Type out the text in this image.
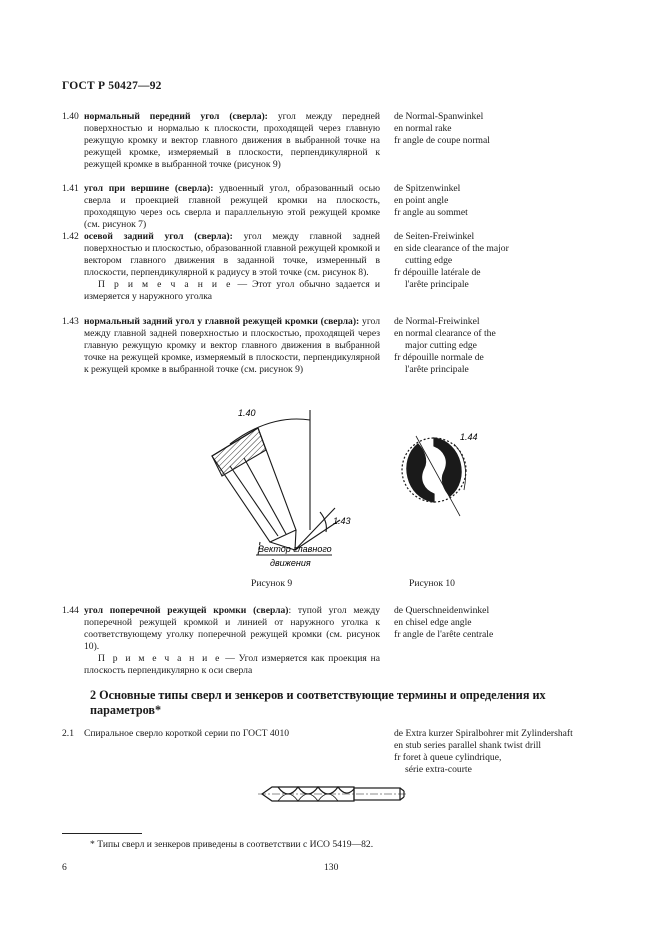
ГОСТ Р 50427—92
1.40 нормальный передний угол (сверла): угол между передней поверхностью и нормалью к плоскости, проходящей через главную режущую кромку и вектор главного движения в выбранной точке на режущей кромке, измеряемый в плоскости, перпендикулярной к режущей кромке в выбранной точке (рисунок 9)
de Normal-Spanwinkel
en normal rake
fr angle de coupe normal
1.41 угол при вершине (сверла): удвоенный угол, образованный осью сверла и проекцией главной режущей кромки на плоскость, проходящую через ось сверла и параллельную этой режущей кромке (см. рисунок 7)
de Spitzenwinkel
en point angle
fr angle au sommet
1.42 осевой задний угол (сверла): угол между главной задней поверхностью и плоскостью, образованной главной режущей кромкой и вектором главного движения в заданной точке, измеренный в плоскости, перпендикулярной к радиусу в этой точке (см. рисунок 8).
П р и м е ч а н и е — Этот угол обычно задается и измеряется у наружного уголка
de Seiten-Freiwinkel
en side clearance of the major
cutting edge
fr dépouille latérale de
l'arête principale
1.43 нормальный задний угол у главной режущей кромки (сверла): угол между главной задней поверхностью и плоскостью, проходящей через главную режущую кромку и вектор главного движения в выбранной точке на режущей кромке, измеряемый в плоскости, перпендикулярной к режущей кромке в выбранной точке (см. рисунок 9)
de Normal-Freiwinkel
en normal clearance of the
major cutting edge
fr dépouille normale de
l'arête principale
1.40
1.43
Вектор главного
движения
1.44
Рисунок 9	Рисунок 10
1.44 угол поперечной режущей кромки (сверла): тупой угол между поперечной режущей кромкой и линией от наружного уголка к соответствующему уголку поперечной режущей кромки (см. рисунок 10).
П р и м е ч а н и е — Угол измеряется как проекция на плоскость перпендикулярно к оси сверла
de Querschneidenwinkel
en chisel edge angle
fr angle de l'arête centrale
2 Основные типы сверл и зенкеров и соответствующие термины и определения их параметров*
2.1 Спиральное сверло короткой серии по ГОСТ 4010	de Extra kurzer Spiralbohrer mit Zylindershaft
en stub series parallel shank twist drill
fr foret à queue cylindrique,
série extra-courte
* Типы сверл и зенкеров приведены в соответствии с ИСО 5419—82.
6	130
